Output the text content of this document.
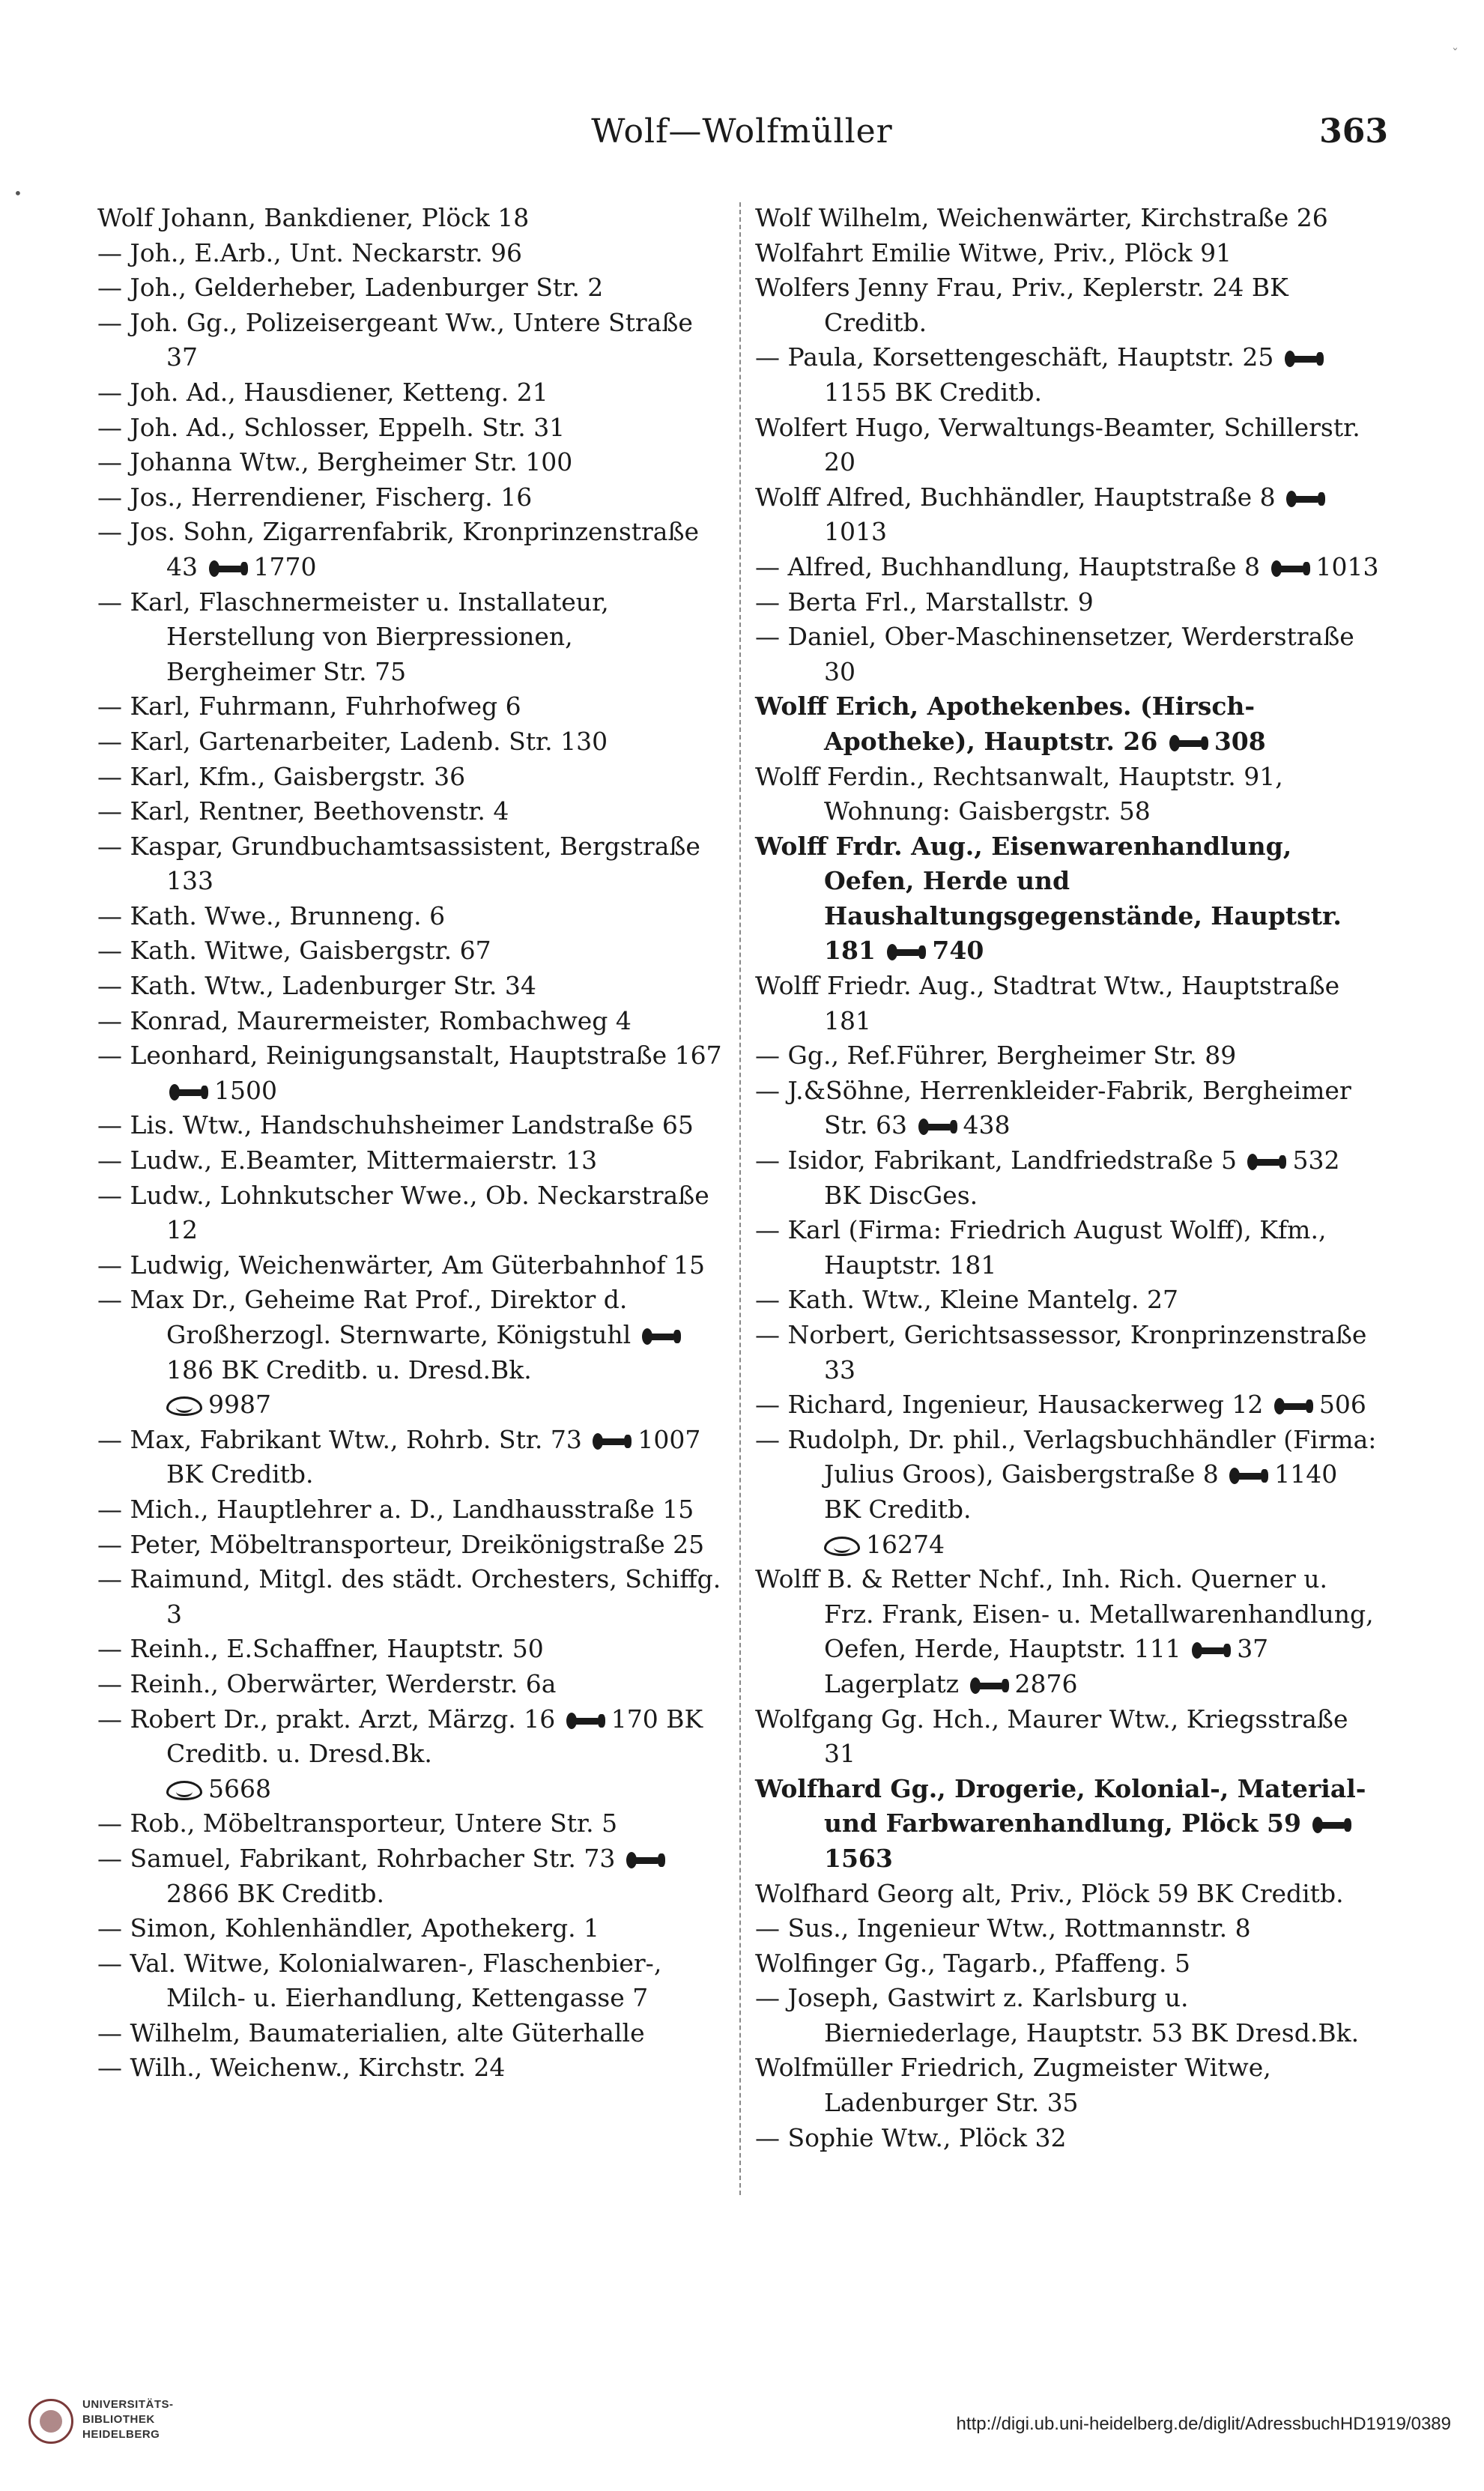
Wolf—Wolfmüller	363
ˇ
•

Wolf Johann, Bankdiener, Plöck 18

— Joh., E.Arb., Unt. Neckarstr. 96

— Joh., Gelderheber, Ladenburger Str. 2

— Joh. Gg., Polizeisergeant Ww., Untere Straße 37

— Joh. Ad., Hausdiener, Ketteng. 21

— Joh. Ad., Schlosser, Eppelh. Str. 31

— Johanna Wtw., Bergheimer Str. 100

— Jos., Herrendiener, Fischerg. 16

— Jos. Sohn, Zigarrenfabrik, Kronprinzenstraße 43 1770

— Karl, Flaschnermeister u. Installateur, Herstellung von Bierpressionen, Bergheimer Str. 75

— Karl, Fuhrmann, Fuhrhofweg 6

— Karl, Gartenarbeiter, Ladenb. Str. 130

— Karl, Kfm., Gaisbergstr. 36

— Karl, Rentner, Beethovenstr. 4

— Kaspar, Grundbuchamtsassistent, Bergstraße 133

— Kath. Wwe., Brunneng. 6

— Kath. Witwe, Gaisbergstr. 67

— Kath. Wtw., Ladenburger Str. 34

— Konrad, Maurermeister, Rombachweg 4

— Leonhard, Reinigungsanstalt, Hauptstraße 167
1500

— Lis. Wtw., Handschuhsheimer Landstraße 65

— Ludw., E.Beamter, Mittermaierstr. 13

— Ludw., Lohnkutscher Wwe., Ob. Neckarstraße 12

— Ludwig, Weichenwärter, Am Güterbahnhof 15

— Max Dr., Geheime Rat Prof., Direktor d. Großherzogl. Sternwarte, Königstuhl
186 BK Creditb. u. Dresd.Bk.
9987

— Max, Fabrikant Wtw., Rohrb. Str. 73 1007 BK Creditb.

— Mich., Hauptlehrer a. D., Landhausstraße 15

— Peter, Möbeltransporteur, Dreikönigstraße 25

— Raimund, Mitgl. des städt. Orchesters, Schiffg. 3

— Reinh., E.Schaffner, Hauptstr. 50

— Reinh., Oberwärter, Werderstr. 6a

— Robert Dr., prakt. Arzt, Märzg. 16 170 BK Creditb. u. Dresd.Bk.
5668

— Rob., Möbeltransporteur, Untere Str. 5

— Samuel, Fabrikant, Rohrbacher Str. 73
2866 BK Creditb.

— Simon, Kohlenhändler, Apothekerg. 1

— Val. Witwe, Kolonialwaren-, Flaschenbier-, Milch- u. Eierhandlung, Kettengasse 7

— Wilhelm, Baumaterialien, alte Güterhalle

— Wilh., Weichenw., Kirchstr. 24

Wolf Wilhelm, Weichenwärter, Kirchstraße 26

Wolfahrt Emilie Witwe, Priv., Plöck 91

Wolfers Jenny Frau, Priv., Keplerstr. 24 BK Creditb.

— Paula, Korsettengeschäft, Hauptstr. 25
1155 BK Creditb.

Wolfert Hugo, Verwaltungs-Beamter, Schillerstr. 20

Wolff Alfred, Buchhändler, Hauptstraße 8
1013

— Alfred, Buchhandlung, Hauptstraße 8 1013

— Berta Frl., Marstallstr. 9

— Daniel, Ober-Maschinensetzer, Werderstraße 30

Wolff Erich, Apothekenbes. (Hirsch-Apotheke), Hauptstr. 26 308

Wolff Ferdin., Rechtsanwalt, Hauptstr. 91, Wohnung: Gaisbergstr. 58

Wolff Frdr. Aug., Eisenwarenhandlung, Oefen, Herde und Haushaltungsgegenstände, Hauptstr. 181 740

Wolff Friedr. Aug., Stadtrat Wtw., Hauptstraße 181

— Gg., Ref.Führer, Bergheimer Str. 89

— J.&Söhne, Herrenkleider-Fabrik, Bergheimer Str. 63 438

— Isidor, Fabrikant, Landfriedstraße 5 532 BK DiscGes.

— Karl (Firma: Friedrich August Wolff), Kfm., Hauptstr. 181

— Kath. Wtw., Kleine Mantelg. 27

— Norbert, Gerichtsassessor, Kronprinzenstraße 33

— Richard, Ingenieur, Hausackerweg 12 506

— Rudolph, Dr. phil., Verlagsbuchhändler (Firma: Julius Groos), Gaisbergstraße 8 1140 BK Creditb.
16274

Wolff B. & Retter Nchf., Inh. Rich. Querner u. Frz. Frank, Eisen- u. Metallwarenhandlung, Oefen, Herde, Hauptstr. 111 37 Lagerplatz 2876

Wolfgang Gg. Hch., Maurer Wtw., Kriegsstraße 31

Wolfhard Gg., Drogerie, Kolonial-, Material- und Farbwarenhandlung, Plöck 59
1563

Wolfhard Georg alt, Priv., Plöck 59 BK Creditb.

— Sus., Ingenieur Wtw., Rottmannstr. 8

Wolfinger Gg., Tagarb., Pfaffeng. 5

— Joseph, Gastwirt z. Karlsburg u. Bierniederlage, Hauptstr. 53 BK Dresd.Bk.

Wolfmüller Friedrich, Zugmeister Witwe, Ladenburger Str. 35

— Sophie Wtw., Plöck 32

UNIVERSITÄTS-
BIBLIOTHEK
HEIDELBERG
http://digi.ub.uni-heidelberg.de/diglit/AdressbuchHD1919/0389
